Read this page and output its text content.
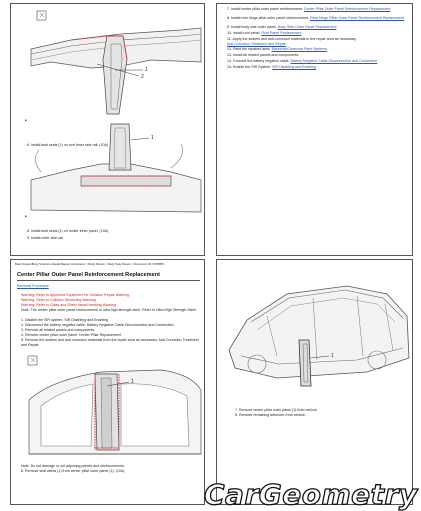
1
2
▶
6. Install seal seals (1) on roof inner side rail. (10A)
1
▶
8. Install seal seals (1) on rocker inner panel. (10A)
9. Install outer side rail.
7. Install center pillar outer panel reinforcement. Center Pillar Outer Panel Reinforcement Replacement
8. Install rear hinge pillar outer panel reinforcement. Rear Hinge Pillar Outer Panel Reinforcement Replacement
9. Install body side outer panel. Body Side Outer Panel Replacement
10. Install roof panel. Roof Panel Replacement
11. Apply the sealers and anti-corrosion materials to the repair area as necessary.
Anti-Corrosion Treatment and Repair
12. Paint the repaired area. Basecoat/Clearcoat Paint Systems
13. Install all related panels and components.
14. Connect the battery negative cable. Battery Negative Cable Disconnection and Connection
15. Enable the SIR System. SIR Disabling and Enabling
Body Repair/Body Structure Repair/Repair Instructions > Body Panels > Body Side Panels > Document ID: 5378855
Center Pillar Outer Panel Reinforcement Replacement
Removal Procedure
Warning: Refer to Approved Equipment for Collision Repair Warning.
Warning: Refer to Collision Sectioning Warning.
Warning: Refer to Glass and Sheet Metal Handling Warning.
Note: The center pillar outer panel reinforcement is ultra high strength steel. Refer to Ultra High Strength Steel.
1. Disable the SIR system. SIR Disabling and Enabling
2. Disconnect the battery negative cable. Battery Negative Cable Disconnection and Connection
3. Remove all related panels and components.
4. Remove center pillar outer panel. Center Pillar Replacement
5. Remove the sealers and anti-corrosion materials from the repair area as necessary. Anti-Corrosion Treatment and Repair
1
Note: Do not damage or cut adjoining panels and reinforcements.
6. Remove seal welds (1) from center pillar outer panel (1). (10A)
1
7. Remove center pillar outer panel (1) from vehicle.
8. Remove remaining adhesive from vehicle.
CarGeometry
